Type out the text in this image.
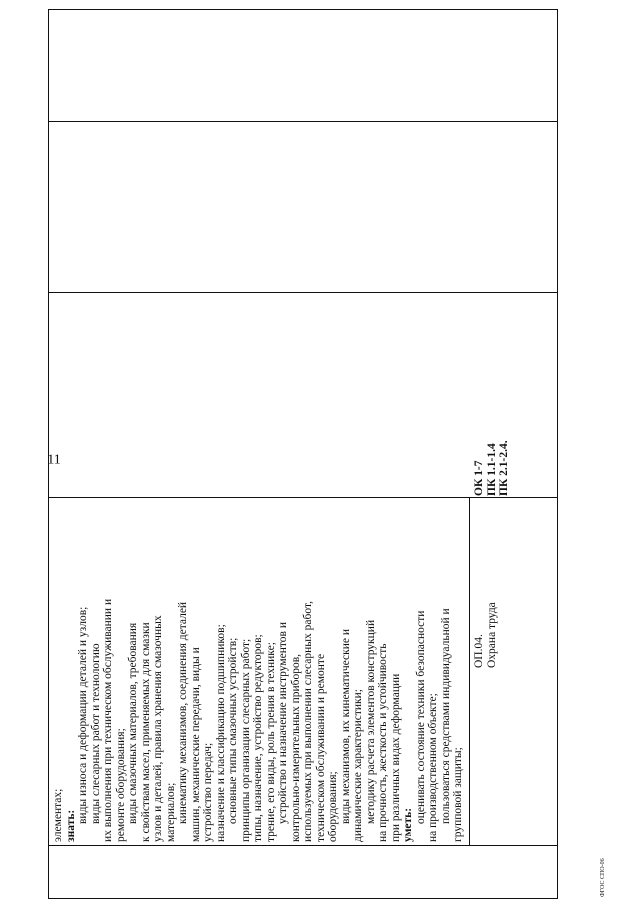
11
элементах; знать:
виды износа и деформации деталей и узлов; виды слесарных работ и технологию их выполнения при техническом обслуживании и ремонте оборудования; виды смазочных материалов, требования к свойствам масел, применяемых для смазки узлов и деталей, правила хранения смазочных материалов; кинематику механизмов, соединения деталей машин, механические передачи, виды и устройство передач; назначение и классификацию подшипников; основные типы смазочных устройств; принципы организации слесарных работ; типы, назначение, устройство редукторов; трение, его виды, роль трения в технике; устройство и назначение инструментов и контрольно-измерительных приборов, используемых при выполнении слесарных работ, техническом обслуживании и ремонте оборудования; виды механизмов, их кинематические и динамические характеристики; методику расчета элементов конструкций на прочность, жесткость и устойчивость при различных видах деформации уметь:
оценивать состояние техники безопасности на производственном объекте; пользоваться средствами индивидуальной и групповой защиты;
ОП.04. Охрана труда
ОК 1-7 ПК 1.1-1.4 ПК 2.1-2.4.
ФГОС СПО-06
